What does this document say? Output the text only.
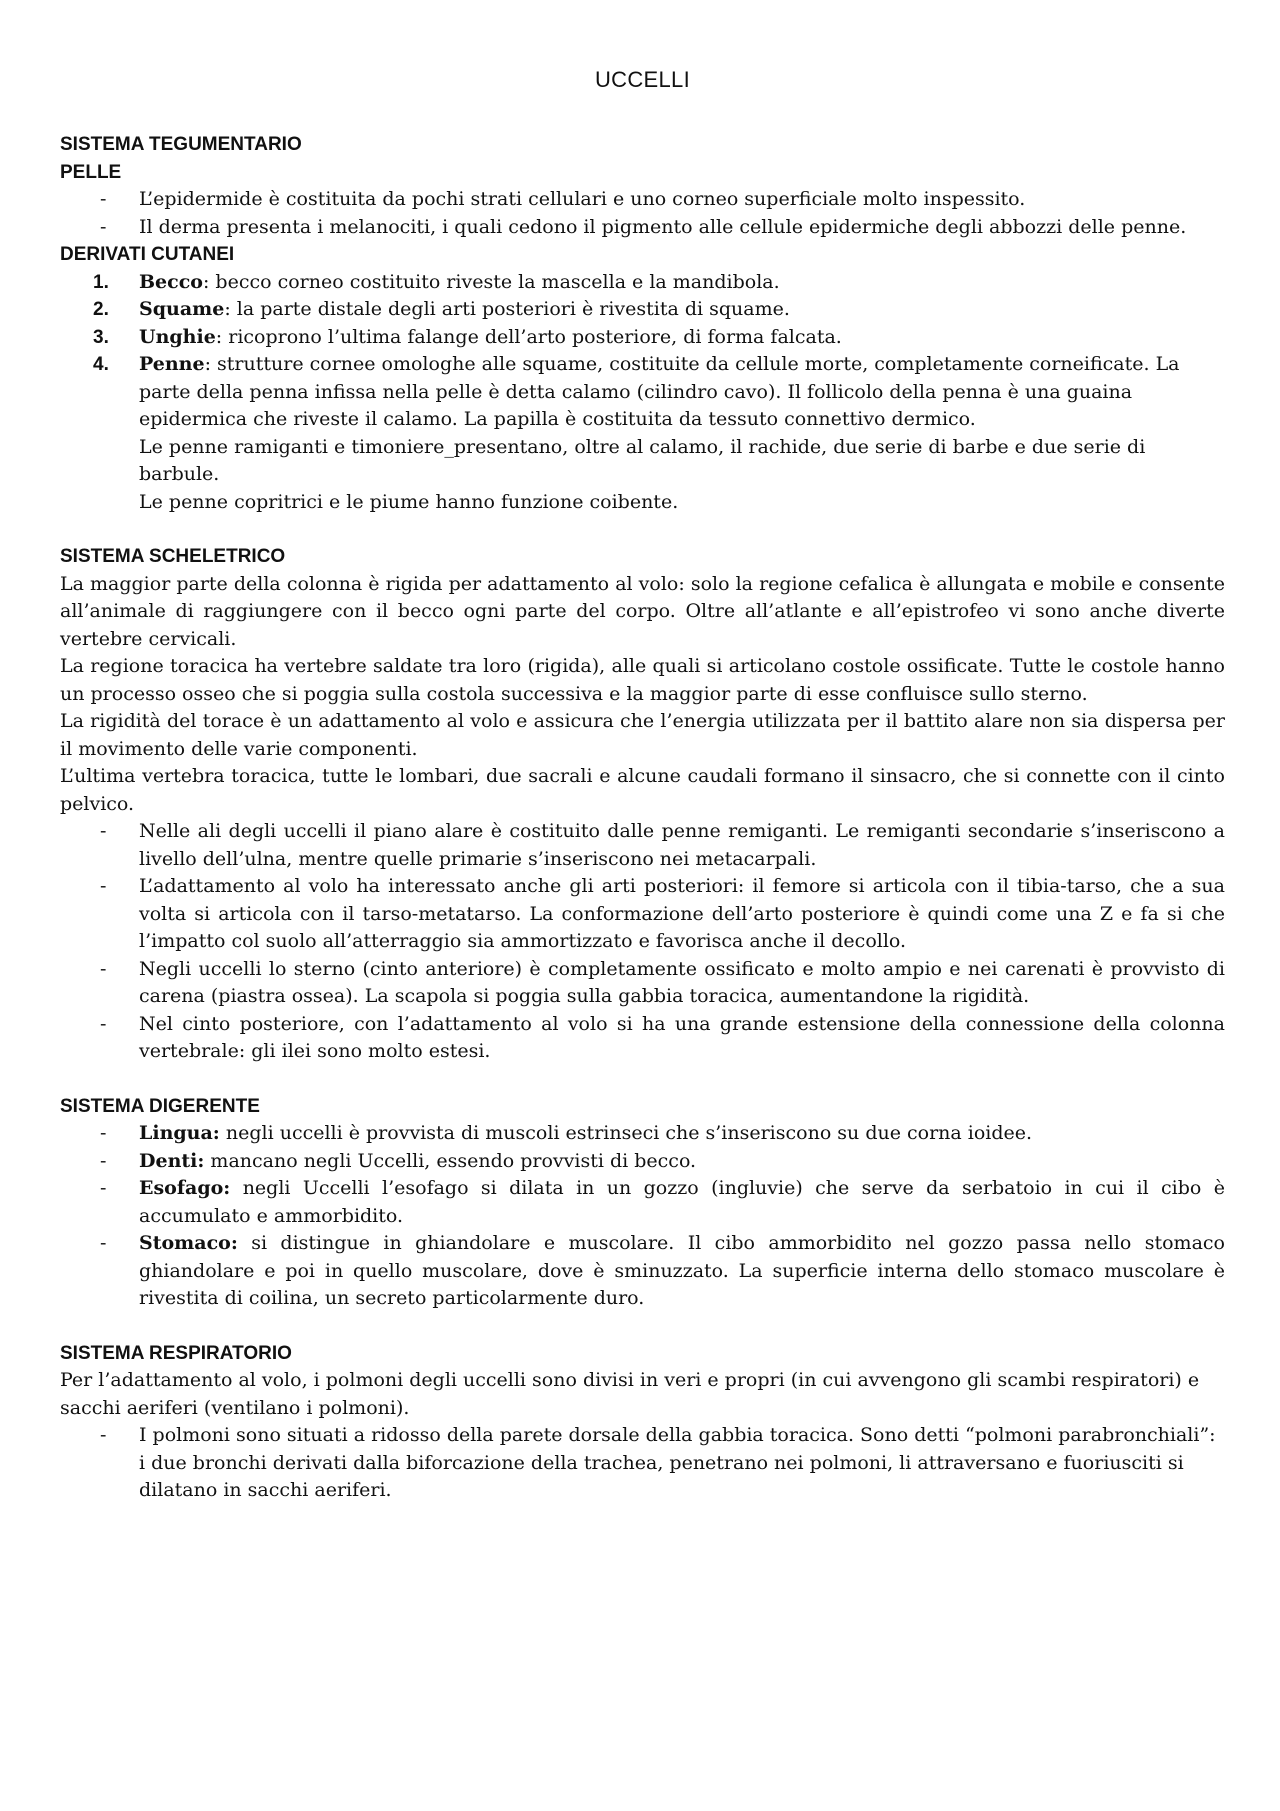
UCCELLI
SISTEMA TEGUMENTARIO
PELLE
- L’epidermide è costituita da pochi strati cellulari e uno corneo superficiale molto inspessito.
- Il derma presenta i melanociti, i quali cedono il pigmento alle cellule epidermiche degli abbozzi delle penne.
DERIVATI CUTANEI
1. Becco: becco corneo costituito riveste la mascella e la mandibola.
2. Squame: la parte distale degli arti posteriori è rivestita di squame.
3. Unghie: ricoprono l’ultima falange dell’arto posteriore, di forma falcata.
4. Penne: strutture cornee omologhe alle squame, costituite da cellule morte, completamente corneificate. La parte della penna infissa nella pelle è detta calamo (cilindro cavo). Il follicolo della penna è una guaina epidermica che riveste il calamo. La papilla è costituita da tessuto connettivo dermico.
Le penne ramiganti e timoniere_presentano, oltre al calamo, il rachide, due serie di barbe e due serie di barbule.
Le penne copritrici e le piume hanno funzione coibente.
SISTEMA SCHELETRICO

La maggior parte della colonna è rigida per adattamento al volo: solo la regione cefalica è allungata e mobile e consente all’animale di raggiungere con il becco ogni parte del corpo. Oltre all’atlante e all’epistrofeo vi sono anche diverte vertebre cervicali.

La regione toracica ha vertebre saldate tra loro (rigida), alle quali si articolano costole ossificate. Tutte le costole hanno un processo osseo che si poggia sulla costola successiva e la maggior parte di esse confluisce sullo sterno.

La rigidità del torace è un adattamento al volo e assicura che l’energia utilizzata per il battito alare non sia dispersa per il movimento delle varie componenti.

L’ultima vertebra toracica, tutte le lombari, due sacrali e alcune caudali formano il sinsacro, che si connette con il cinto pelvico.

- Nelle ali degli uccelli il piano alare è costituito dalle penne remiganti. Le remiganti secondarie s’inseriscono a livello dell’ulna, mentre quelle primarie s’inseriscono nei metacarpali.
- L’adattamento al volo ha interessato anche gli arti posteriori: il femore si articola con il tibia-tarso, che a sua volta si articola con il tarso-metatarso. La conformazione dell’arto posteriore è quindi come una Z e fa si che l’impatto col suolo all’atterraggio sia ammortizzato e favorisca anche il decollo.
- Negli uccelli lo sterno (cinto anteriore) è completamente ossificato e molto ampio e nei carenati è provvisto di carena (piastra ossea). La scapola si poggia sulla gabbia toracica, aumentandone la rigidità.
- Nel cinto posteriore, con l’adattamento al volo si ha una grande estensione della connessione della colonna vertebrale: gli ilei sono molto estesi.
SISTEMA DIGERENTE
- Lingua: negli uccelli è provvista di muscoli estrinseci che s’inseriscono su due corna ioidee.
- Denti: mancano negli Uccelli, essendo provvisti di becco.
- Esofago: negli Uccelli l’esofago si dilata in un gozzo (ingluvie) che serve da serbatoio in cui il cibo è accumulato e ammorbidito.
- Stomaco: si distingue in ghiandolare e muscolare. Il cibo ammorbidito nel gozzo passa nello stomaco ghiandolare e poi in quello muscolare, dove è sminuzzato. La superficie interna dello stomaco muscolare è rivestita di coilina, un secreto particolarmente duro.
SISTEMA RESPIRATORIO

Per l’adattamento al volo, i polmoni degli uccelli sono divisi in veri e propri (in cui avvengono gli scambi respiratori) e sacchi aeriferi (ventilano i polmoni).

- I polmoni sono situati a ridosso della parete dorsale della gabbia toracica. Sono detti “polmoni parabronchiali”: i due bronchi derivati dalla biforcazione della trachea, penetrano nei polmoni, li attraversano e fuoriusciti si dilatano in sacchi aeriferi.
